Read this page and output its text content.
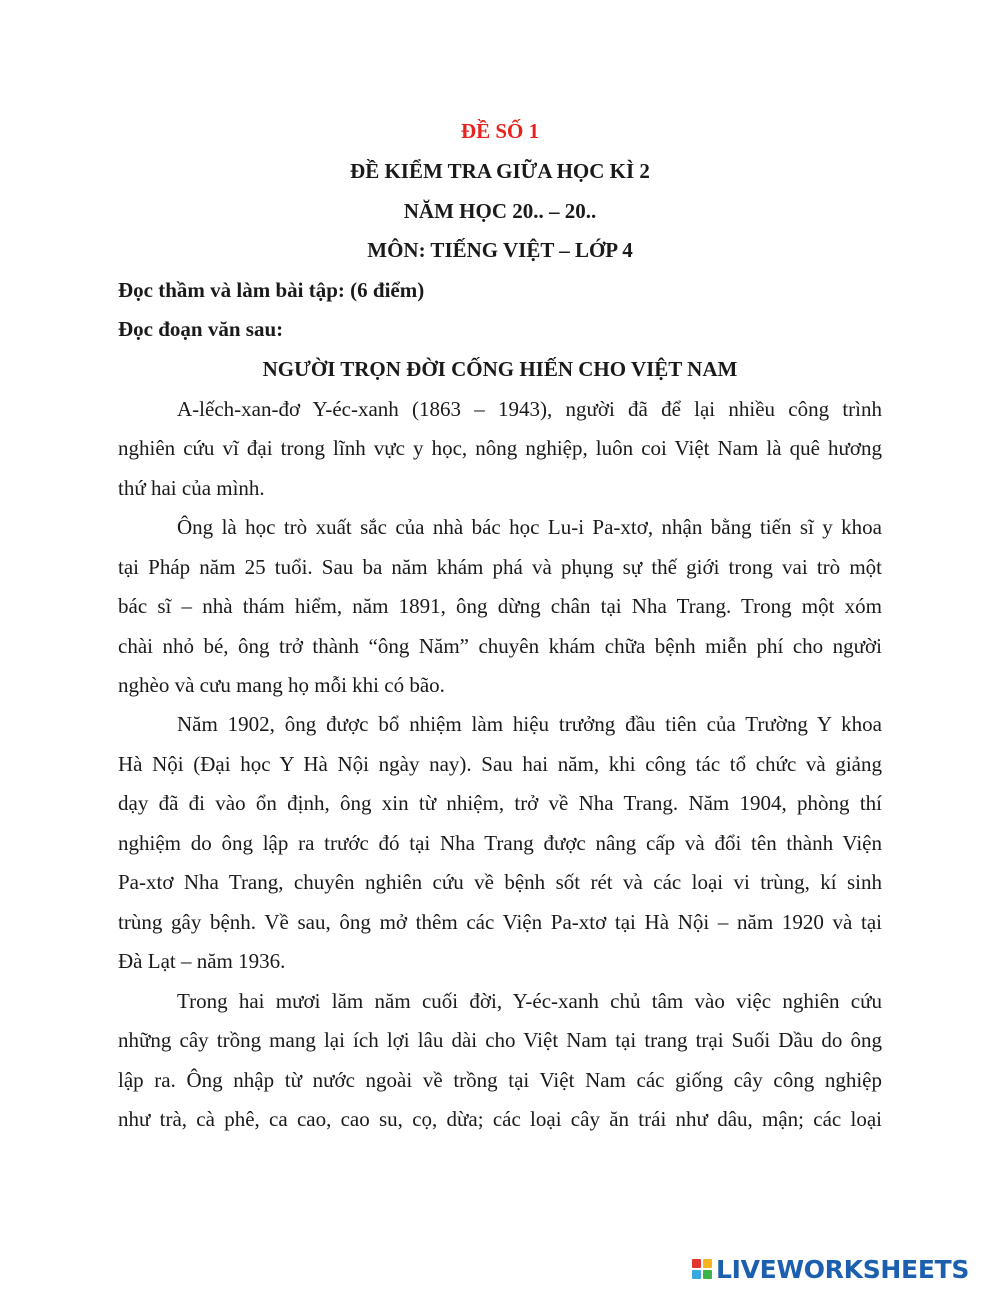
ĐỀ SỐ 1
ĐỀ KIỂM TRA GIỮA HỌC KÌ 2
NĂM HỌC 20.. – 20..
MÔN: TIẾNG VIỆT – LỚP 4
Đọc thầm và làm bài tập: (6 điểm)
Đọc đoạn văn sau:
NGƯỜI TRỌN ĐỜI CỐNG HIẾN CHO VIỆT NAM
A-lếch-xan-đơ Y-éc-xanh (1863 – 1943), người đã để lại nhiều công trình
nghiên cứu vĩ đại trong lĩnh vực y học, nông nghiệp, luôn coi Việt Nam là quê hương
thứ hai của mình.
Ông là học trò xuất sắc của nhà bác học Lu-i Pa-xtơ, nhận bằng tiến sĩ y khoa
tại Pháp năm 25 tuổi. Sau ba năm khám phá và phụng sự thế giới trong vai trò một
bác sĩ – nhà thám hiểm, năm 1891, ông dừng chân tại Nha Trang. Trong một xóm
chài nhỏ bé, ông trở thành “ông Năm” chuyên khám chữa bệnh miễn phí cho người
nghèo và cưu mang họ mỗi khi có bão.
Năm 1902, ông được bổ nhiệm làm hiệu trưởng đầu tiên của Trường Y khoa
Hà Nội (Đại học Y Hà Nội ngày nay). Sau hai năm, khi công tác tổ chức và giảng
dạy đã đi vào ổn định, ông xin từ nhiệm, trở về Nha Trang. Năm 1904, phòng thí
nghiệm do ông lập ra trước đó tại Nha Trang được nâng cấp và đổi tên thành Viện
Pa-xtơ Nha Trang, chuyên nghiên cứu về bệnh sốt rét và các loại vi trùng, kí sinh
trùng gây bệnh. Về sau, ông mở thêm các Viện Pa-xtơ tại Hà Nội – năm 1920 và tại
Đà Lạt – năm 1936.
Trong hai mươi lăm năm cuối đời, Y-éc-xanh chủ tâm vào việc nghiên cứu
những cây trồng mang lại ích lợi lâu dài cho Việt Nam tại trang trại Suối Dầu do ông
lập ra. Ông nhập từ nước ngoài về trồng tại Việt Nam các giống cây công nghiệp
như trà, cà phê, ca cao, cao su, cọ, dừa; các loại cây ăn trái như dâu, mận; các loại
LIVEWORKSHEETS
